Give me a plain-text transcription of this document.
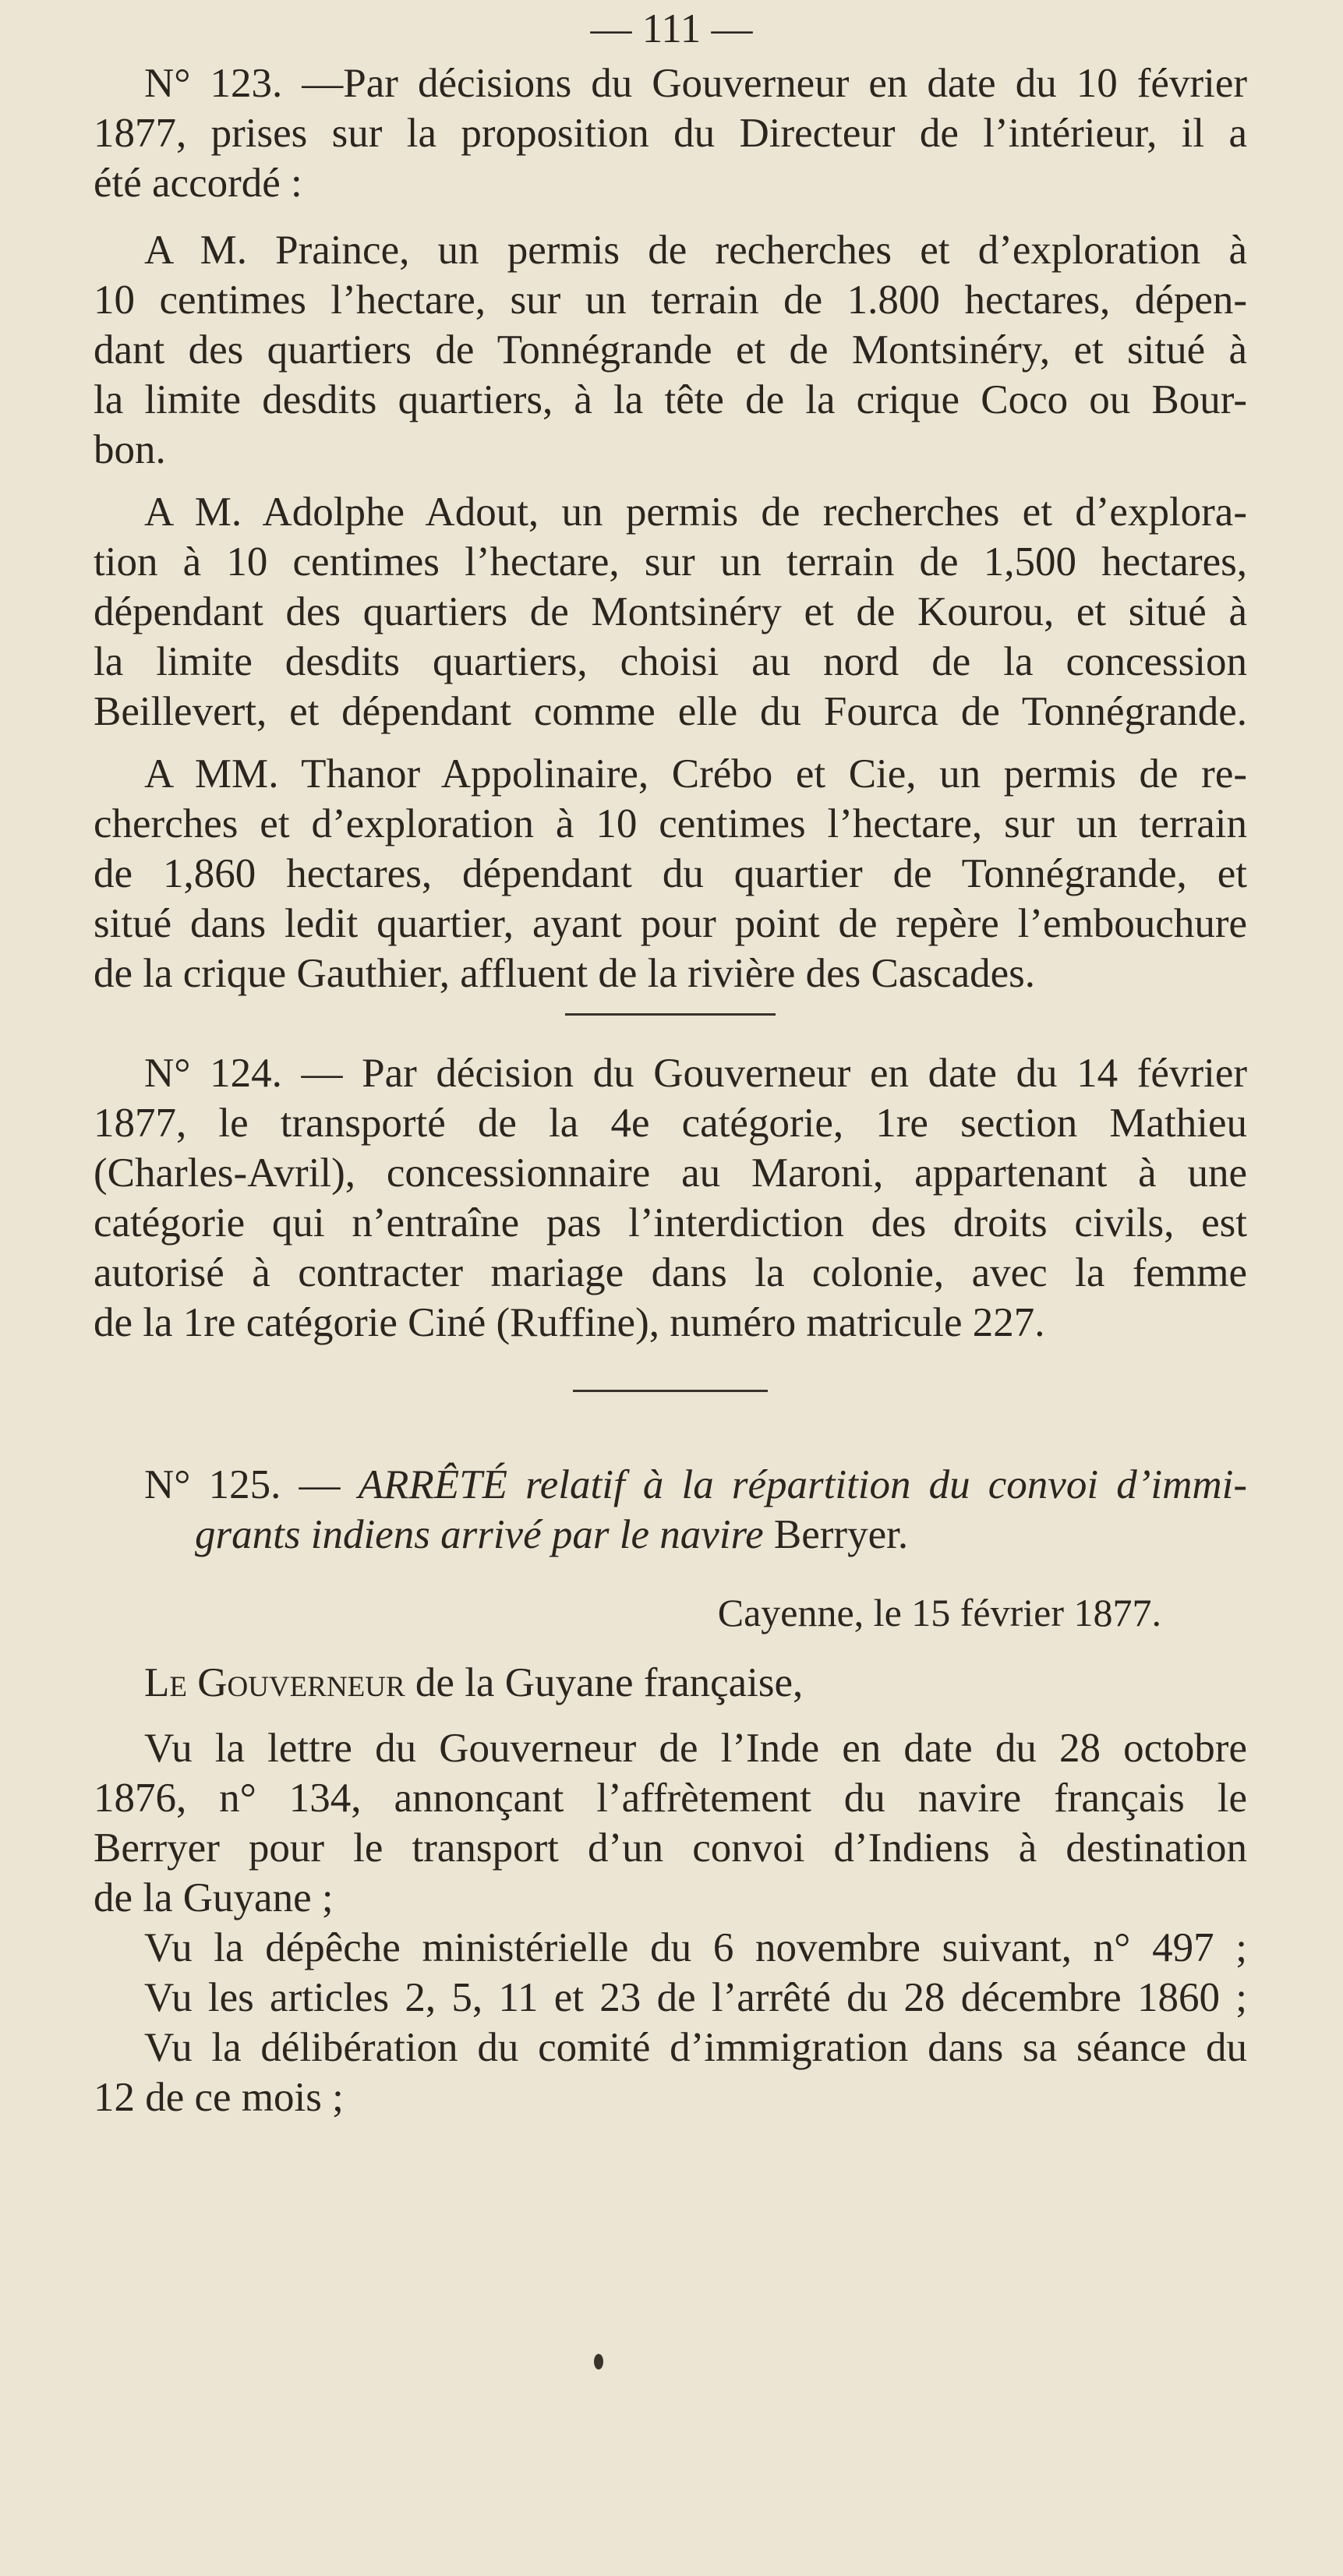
— 111 —
N° 123. —Par décisions du Gouverneur en date du 10 février
1877, prises sur la proposition du Directeur de l’intérieur, il a
été accordé :
A M. Praince, un permis de recherches et d’exploration à
10 centimes l’hectare, sur un terrain de 1.800 hectares, dépen-
dant des quartiers de Tonnégrande et de Montsinéry, et situé à
la limite desdits quartiers, à la tête de la crique Coco ou Bour-
bon.
A M. Adolphe Adout, un permis de recherches et d’explora-
tion à 10 centimes l’hectare, sur un terrain de 1,500 hectares,
dépendant des quartiers de Montsinéry et de Kourou, et situé à
la limite desdits quartiers, choisi au nord de la concession
Beillevert, et dépendant comme elle du Fourca de Tonnégrande.
A MM. Thanor Appolinaire, Crébo et Cie, un permis de re-
cherches et d’exploration à 10 centimes l’hectare, sur un terrain
de 1,860 hectares, dépendant du quartier de Tonnégrande, et
situé dans ledit quartier, ayant pour point de repère l’embouchure
de la crique Gauthier, affluent de la rivière des Cascades.
N° 124. — Par décision du Gouverneur en date du 14 février
1877, le transporté de la 4e catégorie, 1re section Mathieu
(Charles-Avril), concessionnaire au Maroni, appartenant à une
catégorie qui n’entraîne pas l’interdiction des droits civils, est
autorisé à contracter mariage dans la colonie, avec la femme
de la 1re catégorie Ciné (Ruffine), numéro matricule 227.
N° 125. — ARRÊTÉ relatif à la répartition du convoi d’immi-
grants indiens arrivé par le navire Berryer.
Cayenne, le 15 février 1877.
Le Gouverneur de la Guyane française,
Vu la lettre du Gouverneur de l’Inde en date du 28 octobre
1876, n° 134, annonçant l’affrètement du navire français le
Berryer pour le transport d’un convoi d’Indiens à destination
de la Guyane ;
Vu la dépêche ministérielle du 6 novembre suivant, n° 497 ;
Vu les articles 2, 5, 11 et 23 de l’arrêté du 28 décembre 1860 ;
Vu la délibération du comité d’immigration dans sa séance du
12 de ce mois ;
